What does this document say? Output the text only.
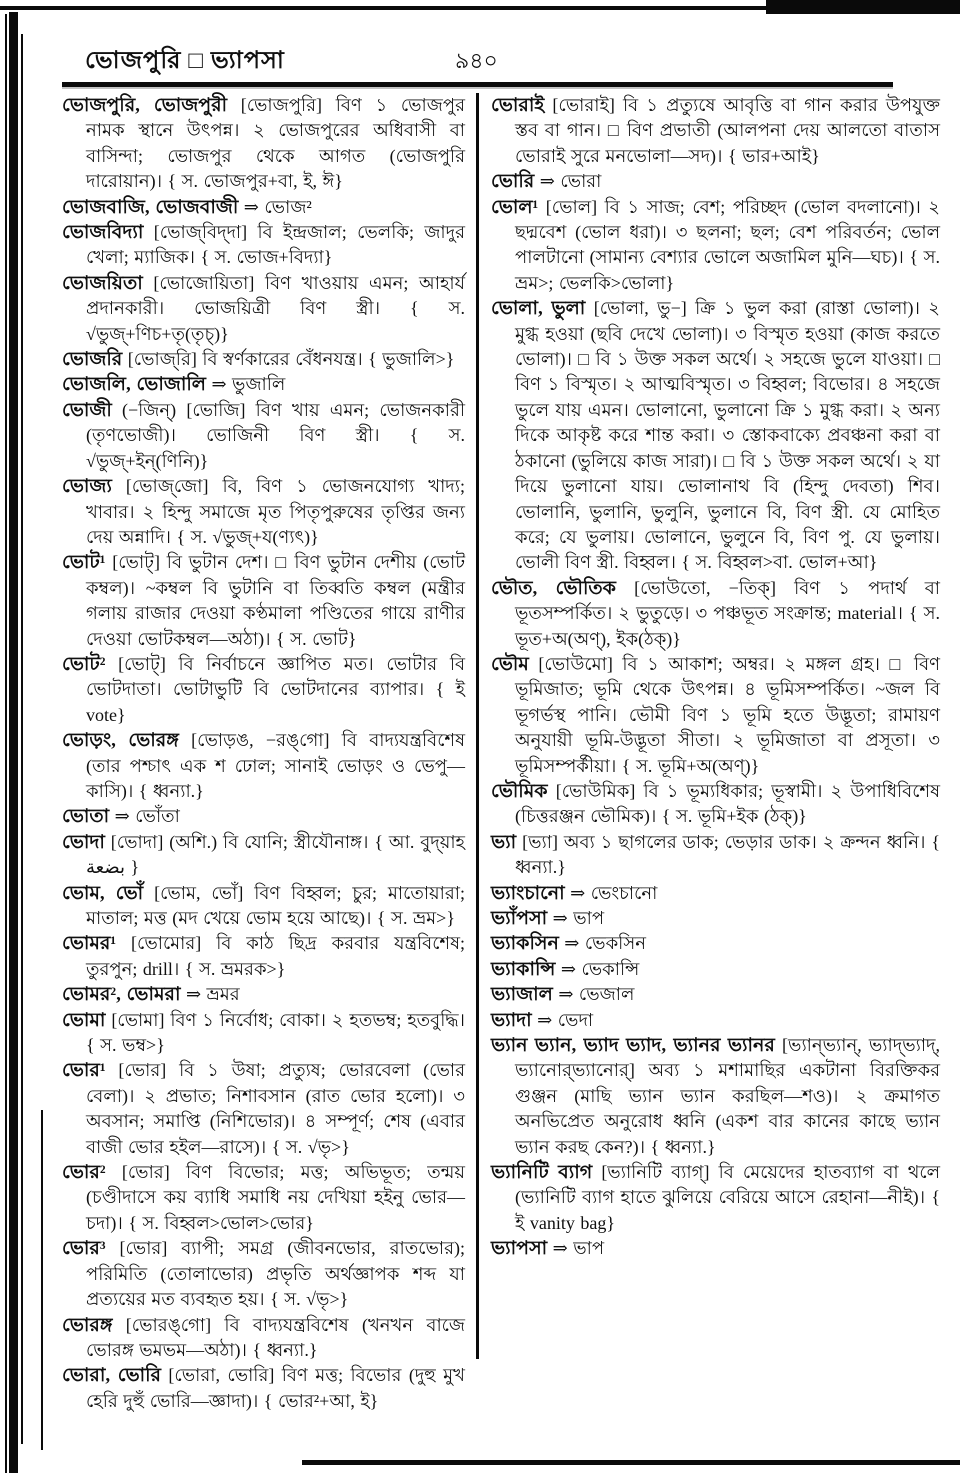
ভোজপুরি □ ভ্যাপসা	৯৪০

ভোজপুরি, ভোজপুরী [ভোজপুরি] বিণ ১ ভোজপুর নামক স্থানে উৎপন্ন। ২ ভোজপুরের অধিবাসী বা বাসিন্দা; ভোজপুর থেকে আগত (ভোজপুরি দারোয়ান)। { স. ভোজপুর+বা, ই, ঈ}

ভোজবাজি, ভোজবাজী ⇒ ভোজ²

ভোজবিদ্যা [ভোজ্‌বিদ্‌দা] বি ইন্দ্রজাল; ভেলকি; জাদুর খেলা; ম্যাজিক। { স. ভোজ+বিদ্যা}

ভোজয়িতা [ভোজোয়িতা] বিণ খাওয়ায় এমন; আহার্য প্রদানকারী। ভোজয়িত্রী বিণ স্ত্রী। { স. √ভুজ্+ণিচ+তৃ(তৃচ্)}

ভোজরি [ভোজ্‌রি] বি স্বর্ণকারের বেঁধনযন্ত্র। { ভুজালি>}

ভোজলি, ভোজালি ⇒ ভুজালি

ভোজী (−জিন্) [ভোজি] বিণ খায় এমন; ভোজনকারী (তৃণভোজী)। ভোজিনী বিণ স্ত্রী। { স. √ভুজ্+ইন্(ণিনি)}

ভোজ্য [ভোজ্‌জো] বি, বিণ ১ ভোজনযোগ্য খাদ্য; খাবার। ২ হিন্দু সমাজে মৃত পিতৃপুরুষের তৃপ্তির জন্য দেয় অন্নাদি। { স. √ভুজ্+য(ণ্যৎ)}

ভোট¹ [ভোট্] বি ভুটান দেশ। □ বিণ ভুটান দেশীয় (ভোট কম্বল)। ~কম্বল বি ভুটানি বা তিব্বতি কম্বল (মন্ত্রীর গলায় রাজার দেওয়া কণ্ঠমালা পণ্ডিতের গায়ে রাণীর দেওয়া ভোটকম্বল—অঠা)। { স. ভোট}

ভোট² [ভোট্] বি নির্বাচনে জ্ঞাপিত মত। ভোটার বি ভোটদাতা। ভোটাভুটি বি ভোটদানের ব্যাপার। { ই vote}

ভোড়ং, ভোরঙ্গ [ভোড়ঙ, −রঙ্‌গো] বি বাদ্যযন্ত্রবিশেষ (তার পশ্চাৎ এক শ ঢোল; সানাই ভোড়ং ও ভেপু—কাসি)। { ধ্বন্যা.}

ভোতা ⇒ ভোঁতা

ভোদা [ভোদা] (অশি.) বি যোনি; স্ত্রীযৌনাঙ্গ। { আ. বুদ্য়াহ بضعة }

ভোম, ভোঁ [ভোম, ভোঁ] বিণ বিহ্বল; চুর; মাতোয়ারা; মাতাল; মত্ত (মদ খেয়ে ভোম হয়ে আছে)। { স. ভ্রম>}

ভোমর¹ [ভোমোর] বি কাঠ ছিদ্র করবার যন্ত্রবিশেষ; তুরপুন; drill। { স. ভ্রমরক>}

ভোমর², ভোমরা ⇒ ভ্রমর

ভোমা [ভোমা] বিণ ১ নির্বোধ; বোকা। ২ হতভম্ব; হতবুদ্ধি। { স. ভম্ব>}

ভোর¹ [ভোর] বি ১ উষা; প্রত্যুষ; ভোরবেলা (ভোর বেলা)। ২ প্রভাত; নিশাবসান (রাত ভোর হলো)। ৩ অবসান; সমাপ্তি (নিশিভোর)। ৪ সম্পূর্ণ; শেষ (এবার বাজী ভোর হইল—রাসে)। { স. √ভৃ>}

ভোর² [ভোর] বিণ বিভোর; মত্ত; অভিভূত; তন্ময় (চণ্ডীদাসে কয় ব্যাধি সমাধি নয় দেখিয়া হইনু ভোর—চদা)। { স. বিহ্বল>ভোল>ভোর}

ভোর³ [ভোর] ব্যাপী; সমগ্র (জীবনভোর, রাতভোর); পরিমিতি (তোলাভোর) প্রভৃতি অর্থজ্ঞাপক শব্দ যা প্রত্যয়ের মত ব্যবহৃত হয়। { স. √ভৃ>}

ভোরঙ্গ [ভোরঙ্‌গো] বি বাদ্যযন্ত্রবিশেষ (খনখন বাজে ভোরঙ্গ ভমভম—অঠা)। { ধ্বন্যা.}

ভোরা, ভোরি [ভোরা, ভোরি] বিণ মত্ত; বিভোর (দুহু মুখ হেরি দুহুঁ ভোরি—জ্ঞাদা)। { ভোর²+আ, ই}

ভোরাই [ভোরাই] বি ১ প্রত্যুষে আবৃত্তি বা গান করার উপযুক্ত স্তব বা গান। □ বিণ প্রভাতী (আলপনা দেয় আলতো বাতাস ভোরাই সুরে মনভোলা—সদ)। { ভার+আই}

ভোরি ⇒ ভোরা

ভোল¹ [ভোল] বি ১ সাজ; বেশ; পরিচ্ছদ (ভোল বদলানো)। ২ ছদ্মবেশ (ভোল ধরা)। ৩ ছলনা; ছল; বেশ পরিবর্তন; ভোল পালটানো (সামান্য বেশ্যার ভোলে অজামিল মুনি—ঘচ)। { স. ভ্রম>; ভেলকি>ভোলা}

ভোলা, ভুলা [ভোলা, ভু−] ক্রি ১ ভুল করা (রাস্তা ভোলা)। ২ মুগ্ধ হওয়া (ছবি দেখে ভোলা)। ৩ বিস্মৃত হওয়া (কাজ করতে ভোলা)। □ বি ১ উক্ত সকল অর্থে। ২ সহজে ভুলে যাওয়া। □ বিণ ১ বিস্মৃত। ২ আত্মবিস্মৃত। ৩ বিহ্বল; বিভোর। ৪ সহজে ভুলে যায় এমন। ভোলানো, ভুলানো ক্রি ১ মুগ্ধ করা। ২ অন্য দিকে আকৃষ্ট করে শান্ত করা। ৩ স্তোকবাক্যে প্রবঞ্চনা করা বা ঠকানো (ভুলিয়ে কাজ সারা)। □ বি ১ উক্ত সকল অর্থে। ২ যা দিয়ে ভুলানো যায়। ভোলানাথ বি (হিন্দু দেবতা) শিব। ভোলানি, ভুলানি, ভুলুনি, ভুলানে বি, বিণ স্ত্রী. যে মোহিত করে; যে ভুলায়। ভোলানে, ভুলুনে বি, বিণ পু. যে ভুলায়। ভোলী বিণ স্ত্রী. বিহ্বল। { স. বিহ্বল>বা. ভোল+আ}

ভৌত, ভৌতিক [ভোউতো, −তিক্] বিণ ১ পদার্থ বা ভূতসম্পর্কিত। ২ ভুতুড়ে। ৩ পঞ্চভূত সংক্রান্ত; material। { স. ভূত+অ(অণ্), ইক(ঠক্)}

ভৌম [ভোউমো] বি ১ আকাশ; অম্বর। ২ মঙ্গল গ্রহ। □ বিণ ভূমিজাত; ভূমি থেকে উৎপন্ন। ৪ ভূমিসম্পর্কিত। ~জল বি ভূগর্ভস্থ পানি। ভৌমী বিণ ১ ভূমি হতে উদ্ভূতা; রামায়ণ অনুযায়ী ভূমি-উদ্ভূতা সীতা। ২ ভূমিজাতা বা প্রসূতা। ৩ ভূমিসম্পর্কীয়া। { স. ভূমি+অ(অণ্)}

ভৌমিক [ভোউমিক] বি ১ ভূম্যধিকার; ভূস্বামী। ২ উপাধিবিশেষ (চিত্তরঞ্জন ভৌমিক)। { স. ভূমি+ইক (ঠক্)}

ভ্যা [ভ্যা] অব্য ১ ছাগলের ডাক; ভেড়ার ডাক। ২ ক্রন্দন ধ্বনি। { ধ্বন্যা.}

ভ্যাংচানো ⇒ ভেংচানো

ভ্যাঁপসা ⇒ ভাপ

ভ্যাকসিন ⇒ ভেকসিন

ভ্যাকান্সি ⇒ ভেকান্সি

ভ্যাজাল ⇒ ভেজাল

ভ্যাদা ⇒ ভেদা

ভ্যান ভ্যান, ভ্যাদ ভ্যাদ, ভ্যানর ভ্যানর [ভ্যান্‌ভ্যান্, ভ্যাদ্‌ভ্যাদ্, ভ্যানোর্‌ভ্যানোর্] অব্য ১ মশামাছির একটানা বিরক্তিকর গুঞ্জন (মাছি ভ্যান ভ্যান করছিল—শও)। ২ ক্রমাগত অনভিপ্রেত অনুরোধ ধ্বনি (একশ বার কানের কাছে ভ্যান ভ্যান করছ কেন?)। { ধ্বন্যা.}

ভ্যানিটি ব্যাগ [ভ্যানিটি ব্যাগ্] বি মেয়েদের হাতব্যাগ বা থলে (ভ্যানিটি ব্যাগ হাতে ঝুলিয়ে বেরিয়ে আসে রেহানা—নীই)। { ই vanity bag}

ভ্যাপসা ⇒ ভাপ
